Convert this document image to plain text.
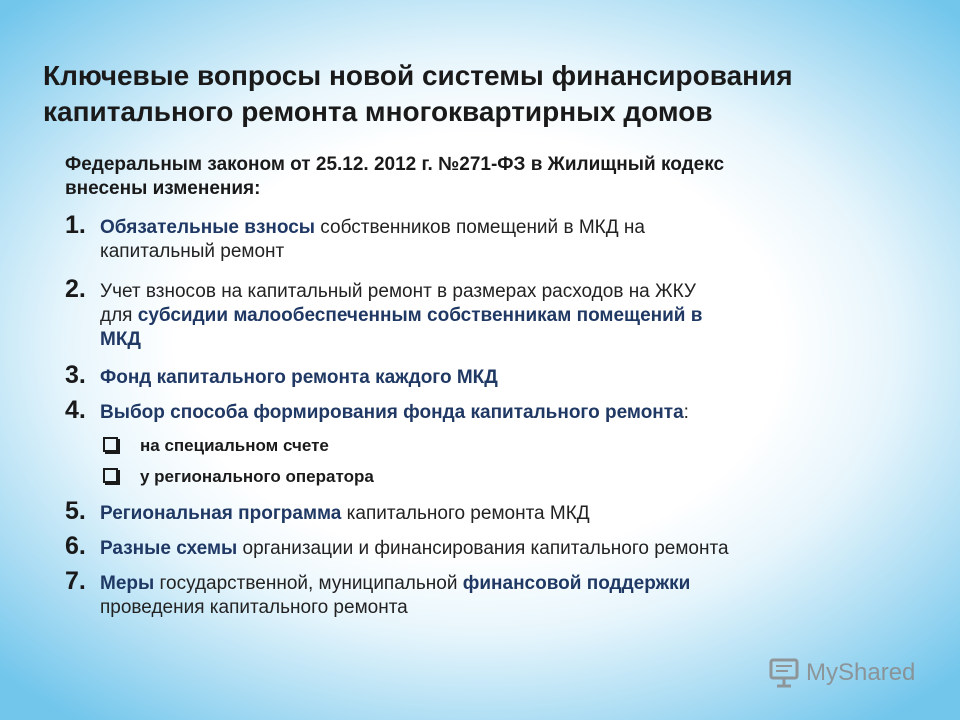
Ключевые вопросы новой системы финансирования
капитального ремонта многоквартирных домов
Федеральным законом от 25.12. 2012 г. №271-ФЗ в Жилищный кодекс
внесены изменения:
1. Обязательные взносы собственников помещений в МКД на
капитальный ремонт
2. Учет взносов на капитальный ремонт в размерах расходов на ЖКУ
для субсидии малообеспеченным собственникам помещений в
МКД
3. Фонд капитального ремонта каждого МКД
4. Выбор способа формирования фонда капитального ремонта:
на специальном счете
у регионального оператора
5. Региональная программа капитального ремонта МКД
6. Разные схемы организации и финансирования капитального ремонта
7. Меры государственной, муниципальной финансовой поддержки
проведения капитального ремонта
MyShared
